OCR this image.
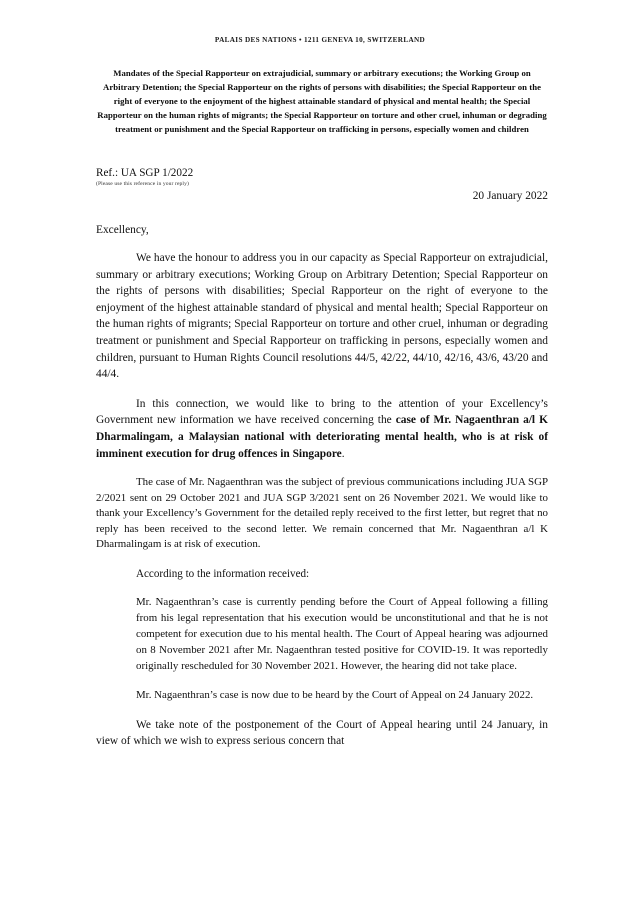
PALAIS DES NATIONS • 1211 GENEVA 10, SWITZERLAND
Mandates of the Special Rapporteur on extrajudicial, summary or arbitrary executions; the Working Group on Arbitrary Detention; the Special Rapporteur on the rights of persons with disabilities; the Special Rapporteur on the right of everyone to the enjoyment of the highest attainable standard of physical and mental health; the Special Rapporteur on the human rights of migrants; the Special Rapporteur on torture and other cruel, inhuman or degrading treatment or punishment and the Special Rapporteur on trafficking in persons, especially women and children
Ref.: UA SGP 1/2022
(Please use this reference in your reply)
20 January 2022
Excellency,

We have the honour to address you in our capacity as Special Rapporteur on extrajudicial, summary or arbitrary executions; Working Group on Arbitrary Detention; Special Rapporteur on the rights of persons with disabilities; Special Rapporteur on the right of everyone to the enjoyment of the highest attainable standard of physical and mental health; Special Rapporteur on the human rights of migrants; Special Rapporteur on torture and other cruel, inhuman or degrading treatment or punishment and Special Rapporteur on trafficking in persons, especially women and children, pursuant to Human Rights Council resolutions 44/5, 42/22, 44/10, 42/16, 43/6, 43/20 and 44/4.

In this connection, we would like to bring to the attention of your Excellency’s Government new information we have received concerning the case of Mr. Nagaenthran a/l K Dharmalingam, a Malaysian national with deteriorating mental health, who is at risk of imminent execution for drug offences in Singapore.

The case of Mr. Nagaenthran was the subject of previous communications including JUA SGP 2/2021 sent on 29 October 2021 and JUA SGP 3/2021 sent on 26 November 2021. We would like to thank your Excellency’s Government for the detailed reply received to the first letter, but regret that no reply has been received to the second letter. We remain concerned that Mr. Nagaenthran a/l K Dharmalingam is at risk of execution.

According to the information received:

Mr. Nagaenthran’s case is currently pending before the Court of Appeal following a filling from his legal representation that his execution would be unconstitutional and that he is not competent for execution due to his mental health. The Court of Appeal hearing was adjourned on 8 November 2021 after Mr. Nagaenthran tested positive for COVID-19. It was reportedly originally rescheduled for 30 November 2021. However, the hearing did not take place.

Mr. Nagaenthran’s case is now due to be heard by the Court of Appeal on 24 January 2022.

We take note of the postponement of the Court of Appeal hearing until 24 January, in view of which we wish to express serious concern that
